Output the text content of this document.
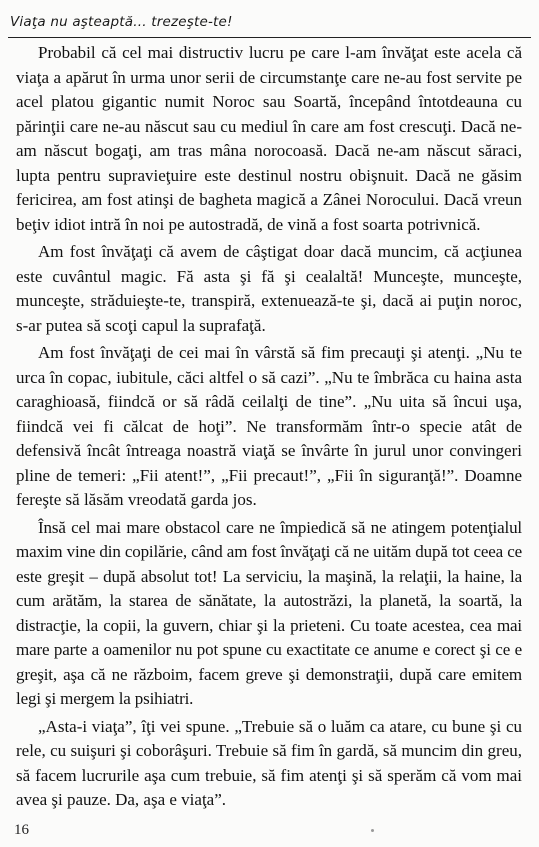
Viaţa nu aşteaptă... trezeşte-te!

Probabil că cel mai distructiv lucru pe care l-am învăţat este acela că viaţa a apărut în urma unor serii de circumstanţe care ne-au fost servite pe acel platou gigantic numit Noroc sau Soartă, începând întotdeauna cu părinţii care ne-au născut sau cu mediul în care am fost crescuţi. Dacă ne-am născut bogaţi, am tras mâna norocoasă. Dacă ne-am născut săraci, lupta pentru supravieţuire este destinul nostru obişnuit. Dacă ne găsim fericirea, am fost atinşi de bagheta magică a Zânei Norocului. Dacă vreun beţiv idiot intră în noi pe autostradă, de vină a fost soarta potrivnică.

Am fost învăţaţi că avem de câştigat doar dacă muncim, că acţiunea este cuvântul magic. Fă asta şi fă şi cealaltă! Munceşte, munceşte, munceşte, străduieşte-te, transpiră, extenuează-te şi, dacă ai puţin noroc, s-ar putea să scoţi capul la suprafaţă.

Am fost învăţaţi de cei mai în vârstă să fim precauţi şi atenţi. „Nu te urca în copac, iubitule, căci altfel o să cazi”. „Nu te îmbrăca cu haina asta caraghioasă, fiindcă or să râdă ceilalţi de tine”. „Nu uita să încui uşa, fiindcă vei fi călcat de hoţi”. Ne transformăm într-o specie atât de defensivă încât întreaga noastră viaţă se învârte în jurul unor convingeri pline de temeri: „Fii atent!”, „Fii precaut!”, „Fii în siguranţă!”. Doamne fereşte să lăsăm vreodată garda jos.

Însă cel mai mare obstacol care ne împiedică să ne atingem potenţialul maxim vine din copilărie, când am fost învăţaţi că ne uităm după tot ceea ce este greşit – după absolut tot! La serviciu, la maşină, la relaţii, la haine, la cum arătăm, la starea de sănătate, la autostrăzi, la planetă, la soartă, la distracţie, la copii, la guvern, chiar şi la prieteni. Cu toate acestea, cea mai mare parte a oamenilor nu pot spune cu exactitate ce anume e corect şi ce e greşit, aşa că ne războim, facem greve şi demonstraţii, după care emitem legi şi mergem la psihiatri.

„Asta-i viaţa”, îţi vei spune. „Trebuie să o luăm ca atare, cu bune şi cu rele, cu suişuri şi coborâşuri. Trebuie să fim în gardă, să muncim din greu, să facem lucrurile aşa cum trebuie, să fim atenţi şi să sperăm că vom mai avea şi pauze. Da, aşa e viaţa”.

16
